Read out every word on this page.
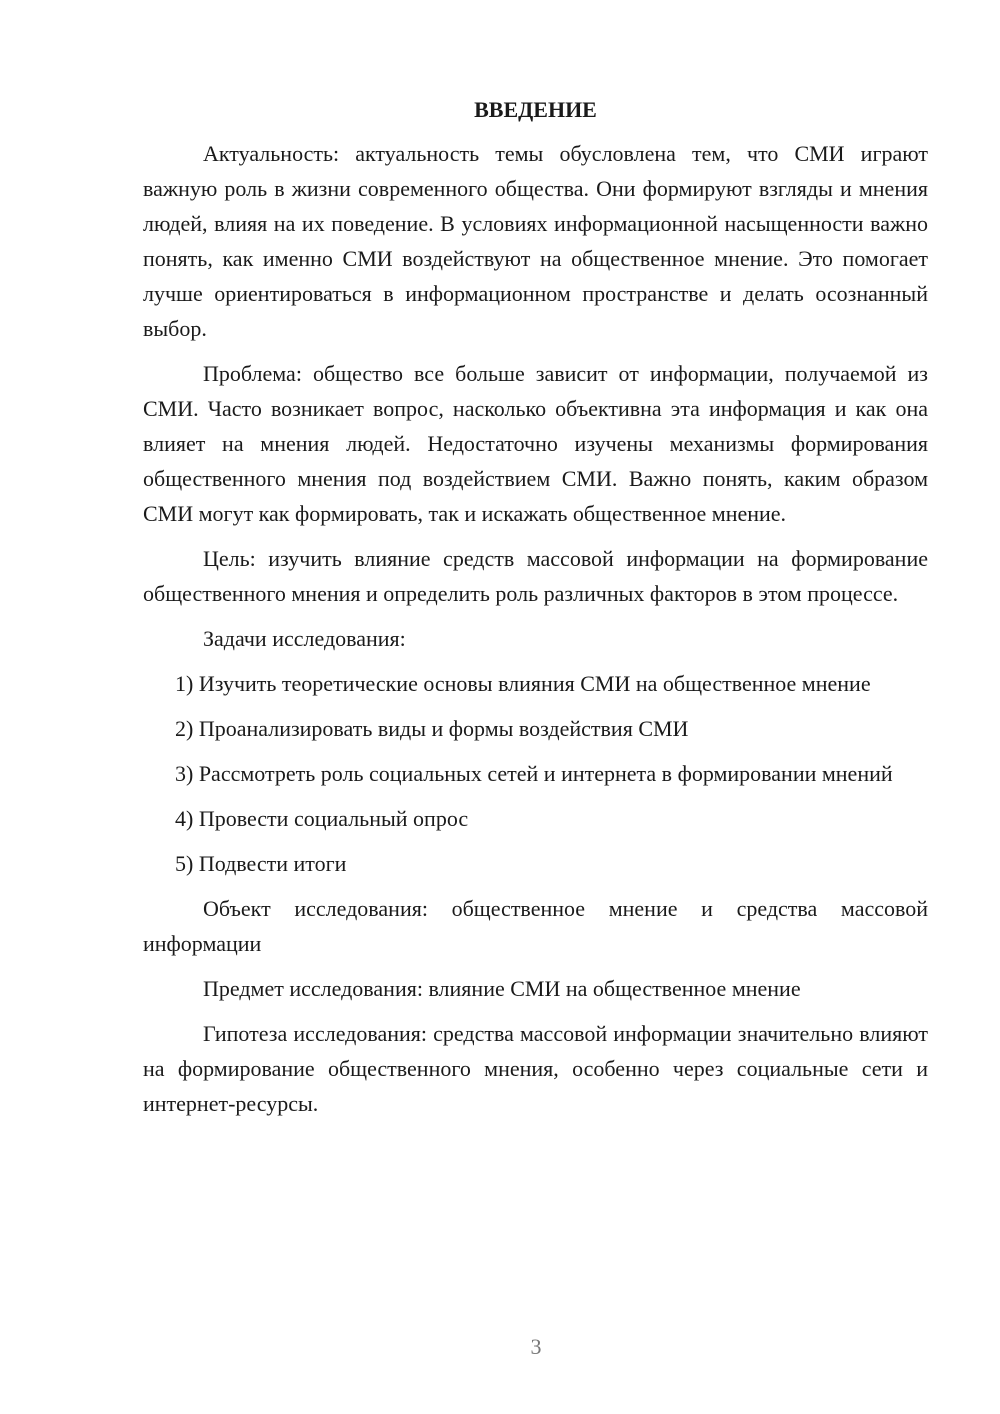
ВВЕДЕНИЕ

Актуальность: актуальность темы обусловлена тем, что СМИ играют важную роль в жизни современного общества. Они формируют взгляды и мнения людей, влияя на их поведение. В условиях информационной насыщенности важно понять, как именно СМИ воздействуют на общественное мнение. Это помогает лучше ориентироваться в информационном пространстве и делать осознанный выбор.

Проблема: общество все больше зависит от информации, получаемой из СМИ. Часто возникает вопрос, насколько объективна эта информация и как она влияет на мнения людей. Недостаточно изучены механизмы формирования общественного мнения под воздействием СМИ. Важно понять, каким образом СМИ могут как формировать, так и искажать общественное мнение.

Цель: изучить влияние средств массовой информации на формирование общественного мнения и определить роль различных факторов в этом процессе.

Задачи исследования:

1) Изучить теоретические основы влияния СМИ на общественное мнение

2) Проанализировать виды и формы воздействия СМИ

3) Рассмотреть роль социальных сетей и интернета в формировании мнений

4) Провести социальный опрос

5) Подвести итоги

Объект исследования: общественное мнение и средства массовой информации

Предмет исследования: влияние СМИ на общественное мнение

Гипотеза исследования: средства массовой информации значительно влияют на формирование общественного мнения, особенно через социальные сети и интернет-ресурсы.

3
